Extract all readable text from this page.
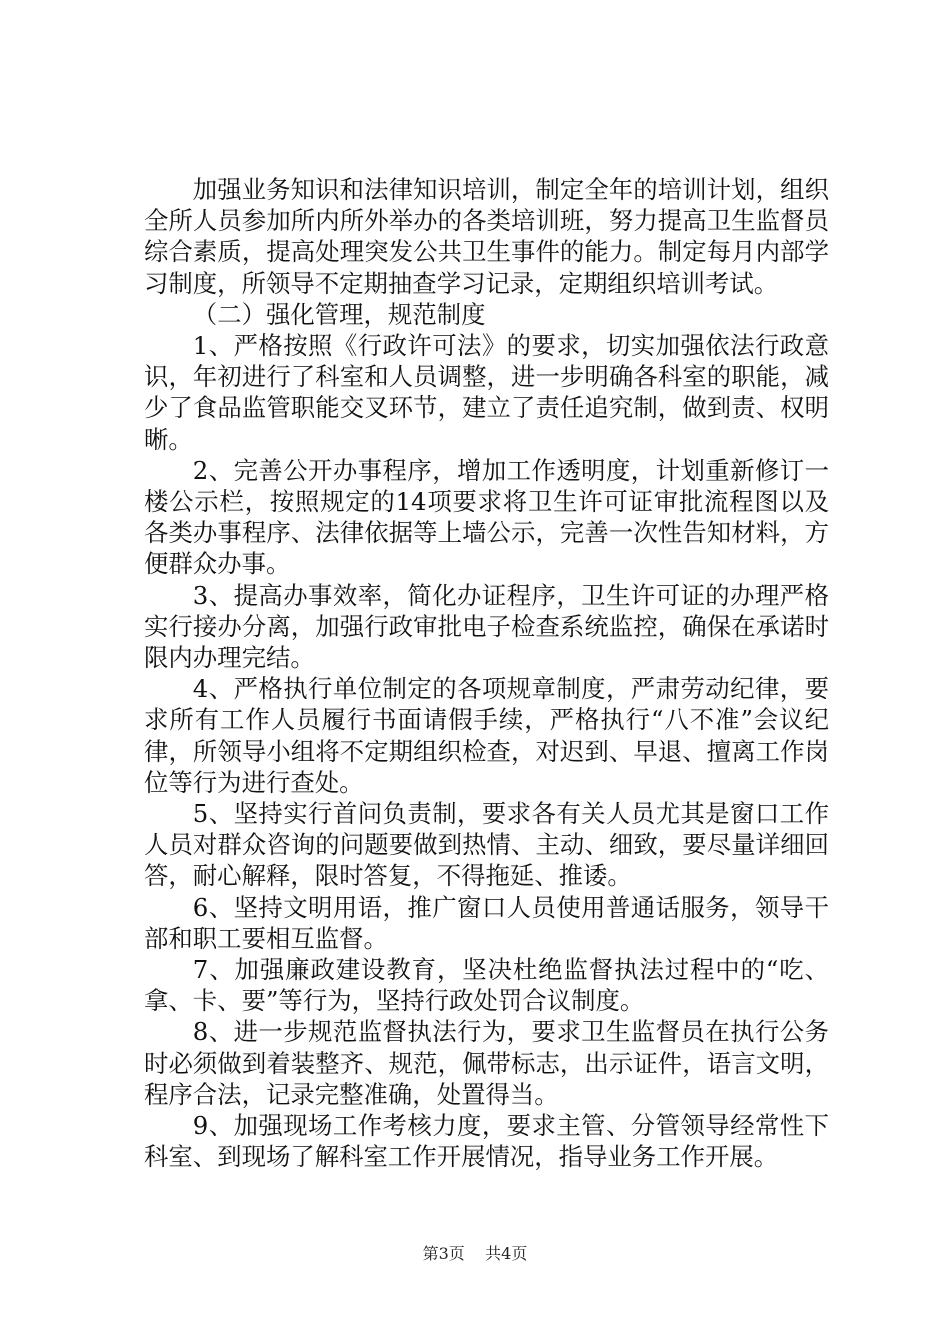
加强业务知识和法律知识培训，制定全年的培训计划，组织全所人员参加所内所外举办的各类培训班，努力提高卫生监督员综合素质，提高处理突发公共卫生事件的能力。制定每月内部学习制度，所领导不定期抽查学习记录，定期组织培训考试。

（二）强化管理，规范制度

1、严格按照《行政许可法》的要求，切实加强依法行政意识，年初进行了科室和人员调整，进一步明确各科室的职能，减少了食品监管职能交叉环节，建立了责任追究制，做到责、权明晰。

2、完善公开办事程序，增加工作透明度，计划重新修订一楼公示栏，按照规定的14项要求将卫生许可证审批流程图以及各类办事程序、法律依据等上墙公示，完善一次性告知材料，方便群众办事。

3、提高办事效率，简化办证程序，卫生许可证的办理严格实行接办分离，加强行政审批电子检查系统监控，确保在承诺时限内办理完结。

4、严格执行单位制定的各项规章制度，严肃劳动纪律，要求所有工作人员履行书面请假手续，严格执行“八不准”会议纪律，所领导小组将不定期组织检查，对迟到、早退、擅离工作岗位等行为进行查处。

5、坚持实行首问负责制，要求各有关人员尤其是窗口工作人员对群众咨询的问题要做到热情、主动、细致，要尽量详细回答，耐心解释，限时答复，不得拖延、推诿。

6、坚持文明用语，推广窗口人员使用普通话服务，领导干部和职工要相互监督。

7、加强廉政建设教育，坚决杜绝监督执法过程中的“吃、拿、卡、要”等行为，坚持行政处罚合议制度。

8、进一步规范监督执法行为，要求卫生监督员在执行公务时必须做到着装整齐、规范，佩带标志，出示证件，语言文明，程序合法，记录完整准确，处置得当。

9、加强现场工作考核力度，要求主管、分管领导经常性下科室、到现场了解科室工作开展情况，指导业务工作开展。

第3页 共4页
